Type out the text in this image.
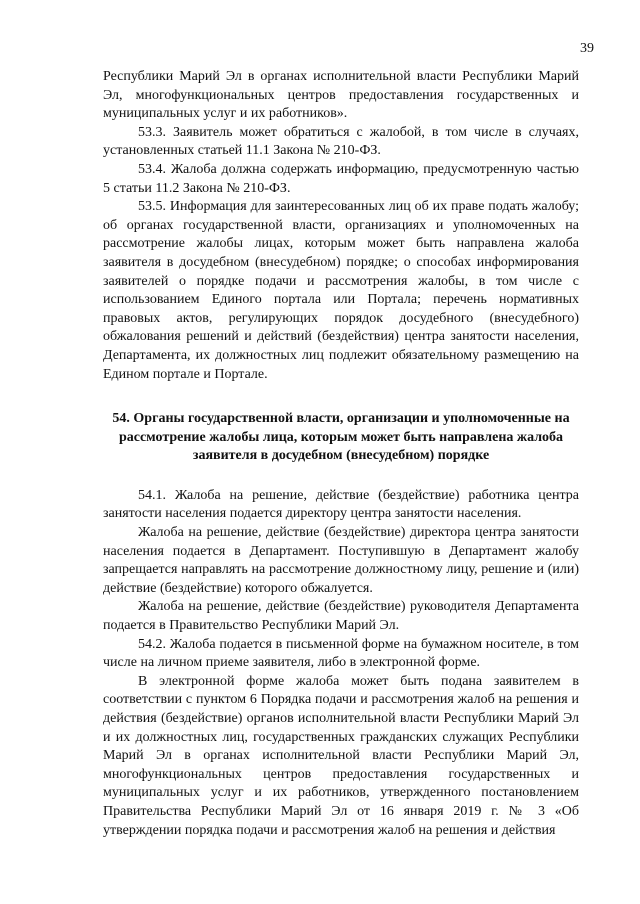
39

Республики Марий Эл в органах исполнительной власти Республики Марий Эл, многофункциональных центров предоставления государственных и муниципальных услуг и их работников».

53.3. Заявитель может обратиться с жалобой, в том числе в случаях, установленных статьей 11.1 Закона № 210-ФЗ.

53.4. Жалоба должна содержать информацию, предусмотренную частью 5 статьи 11.2 Закона № 210-ФЗ.

53.5. Информация для заинтересованных лиц об их праве подать жалобу; об органах государственной власти, организациях и уполномоченных на рассмотрение жалобы лицах, которым может быть направлена жалоба заявителя в досудебном (внесудебном) порядке; о способах информирования заявителей о порядке подачи и рассмотрения жалобы, в том числе с использованием Единого портала или Портала; перечень нормативных правовых актов, регулирующих порядок досудебного (внесудебного) обжалования решений и действий (бездействия) центра занятости населения, Департамента, их должностных лиц подлежит обязательному размещению на Едином портале и Портале.

54. Органы государственной власти, организации и уполномоченные на рассмотрение жалобы лица, которым может быть направлена жалоба заявителя в досудебном (внесудебном) порядке

54.1. Жалоба на решение, действие (бездействие) работника центра занятости населения подается директору центра занятости населения.

Жалоба на решение, действие (бездействие) директора центра занятости населения подается в Департамент. Поступившую в Департамент жалобу запрещается направлять на рассмотрение должностному лицу, решение и (или) действие (бездействие) которого обжалуется.

Жалоба на решение, действие (бездействие) руководителя Департамента подается в Правительство Республики Марий Эл.

54.2. Жалоба подается в письменной форме на бумажном носителе, в том числе на личном приеме заявителя, либо в электронной форме.

В электронной форме жалоба может быть подана заявителем в соответствии с пунктом 6 Порядка подачи и рассмотрения жалоб на решения и действия (бездействие) органов исполнительной власти Республики Марий Эл и их должностных лиц, государственных гражданских служащих Республики Марий Эл в органах исполнительной власти Республики Марий Эл, многофункциональных центров предоставления государственных и муниципальных услуг и их работников, утвержденного постановлением Правительства Республики Марий Эл от 16 января 2019 г. № 3 «Об утверждении порядка подачи и рассмотрения жалоб на решения и действия
